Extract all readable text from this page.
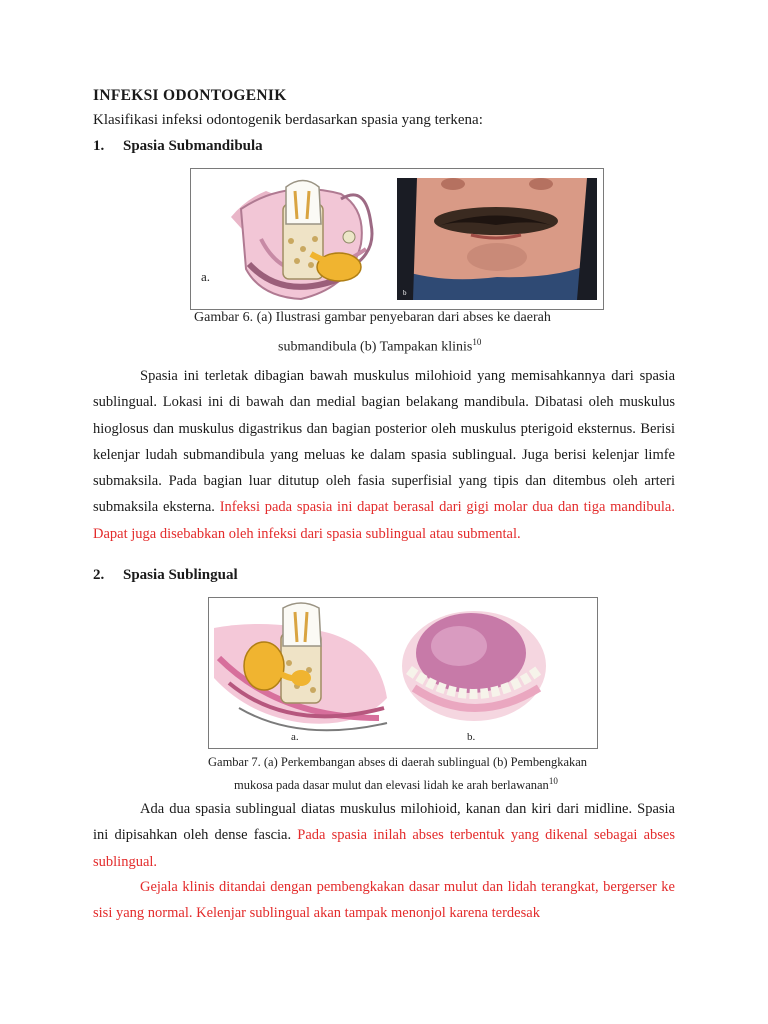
INFEKSI ODONTOGENIK
Klasifikasi infeksi odontogenik berdasarkan spasia yang terkena:
1. Spasia Submandibula
a.
b
Gambar 6. (a) Ilustrasi gambar penyebaran dari abses ke daerah
submandibula (b) Tampakan klinis$^{10}$
Spasia ini terletak dibagian bawah muskulus milohioid yang memisahkannya dari spasia sublingual. Lokasi ini di bawah dan medial bagian belakang mandibula. Dibatasi oleh muskulus hioglosus dan muskulus digastrikus dan bagian posterior oleh muskulus pterigoid eksternus. Berisi kelenjar ludah submandibula yang meluas ke dalam spasia sublingual. Juga berisi kelenjar limfe submaksila. Pada bagian luar ditutup oleh fasia superfisial yang tipis dan ditembus oleh arteri submaksila eksterna. Infeksi pada spasia ini dapat berasal dari gigi molar dua dan tiga mandibula. Dapat juga disebabkan oleh infeksi dari spasia sublingual atau submental.
2. Spasia Sublingual
a.	b.
Gambar 7. (a) Perkembangan abses di daerah sublingual (b) Pembengkakan
mukosa pada dasar mulut dan elevasi lidah ke arah berlawanan$^{10}$
Ada dua spasia sublingual diatas muskulus milohioid, kanan dan kiri dari midline. Spasia ini dipisahkan oleh dense fascia. Pada spasia inilah abses terbentuk yang dikenal sebagai abses sublingual.
Gejala klinis ditandai dengan pembengkakan dasar mulut dan lidah terangkat, bergerser ke sisi yang normal. Kelenjar sublingual akan tampak menonjol karena terdesak
